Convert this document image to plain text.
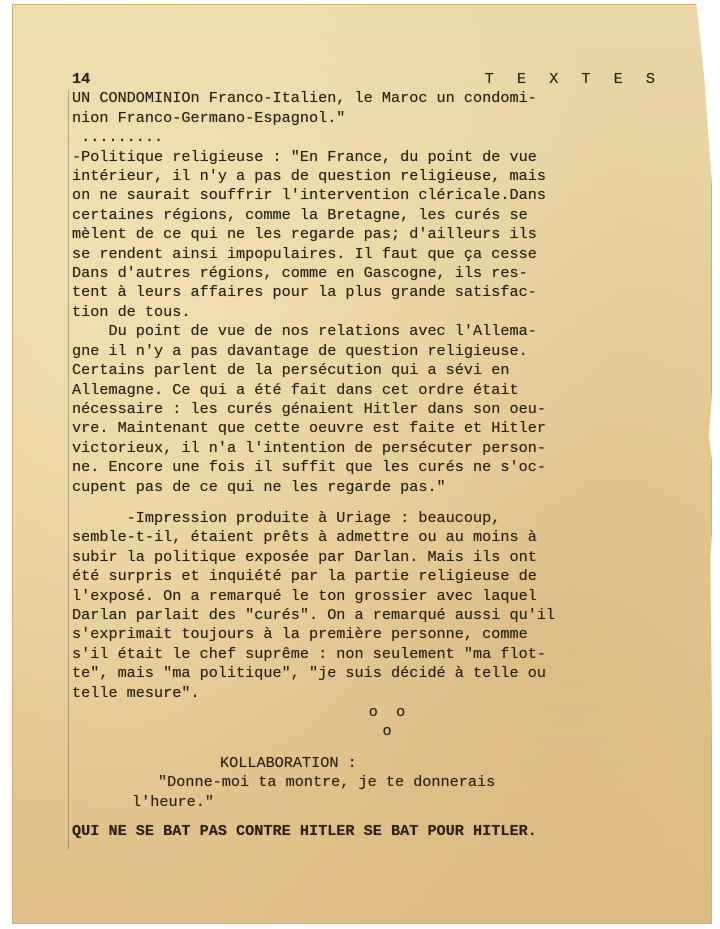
14	T E X T E S
UN CONDOMINIOn Franco-Italien, le Maroc un condomi-
nion Franco-Germano-Espagnol."
.........
-Politique religieuse : "En France, du point de vue
intérieur, il n'y a pas de question religieuse, mais
on ne saurait souffrir l'intervention cléricale.Dans
certaines régions, comme la Bretagne, les curés se
mèlent de ce qui ne les regarde pas; d'ailleurs ils
se rendent ainsi impopulaires. Il faut que ça cesse
Dans d'autres régions, comme en Gascogne, ils res-
tent à leurs affaires pour la plus grande satisfac-
tion de tous.
Du point de vue de nos relations avec l'Allema-
gne il n'y a pas davantage de question religieuse.
Certains parlent de la persécution qui a sévi en
Allemagne. Ce qui a été fait dans cet ordre était
nécessaire : les curés génaient Hitler dans son oeu-
vre. Maintenant que cette oeuvre est faite et Hitler
victorieux, il n'a l'intention de persécuter person-
ne. Encore une fois il suffit que les curés ne s'oc-
cupent pas de ce qui ne les regarde pas."
-Impression produite à Uriage : beaucoup,
semble-t-il, étaient prêts à admettre ou au moins à
subir la politique exposée par Darlan. Mais ils ont
été surpris et inquiété par la partie religieuse de
l'exposé. On a remarqué le ton grossier avec laquel
Darlan parlait des "curés". On a remarqué aussi qu'il
s'exprimait toujours à la première personne, comme
s'il était le chef suprême : non seulement "ma flot-
te", mais "ma politique", "je suis décidé à telle ou
telle mesure".
o  o
o
KOLLABORATION :
"Donne-moi ta montre, je te donnerais
l'heure."
QUI NE SE BAT PAS CONTRE HITLER SE BAT POUR HITLER.
